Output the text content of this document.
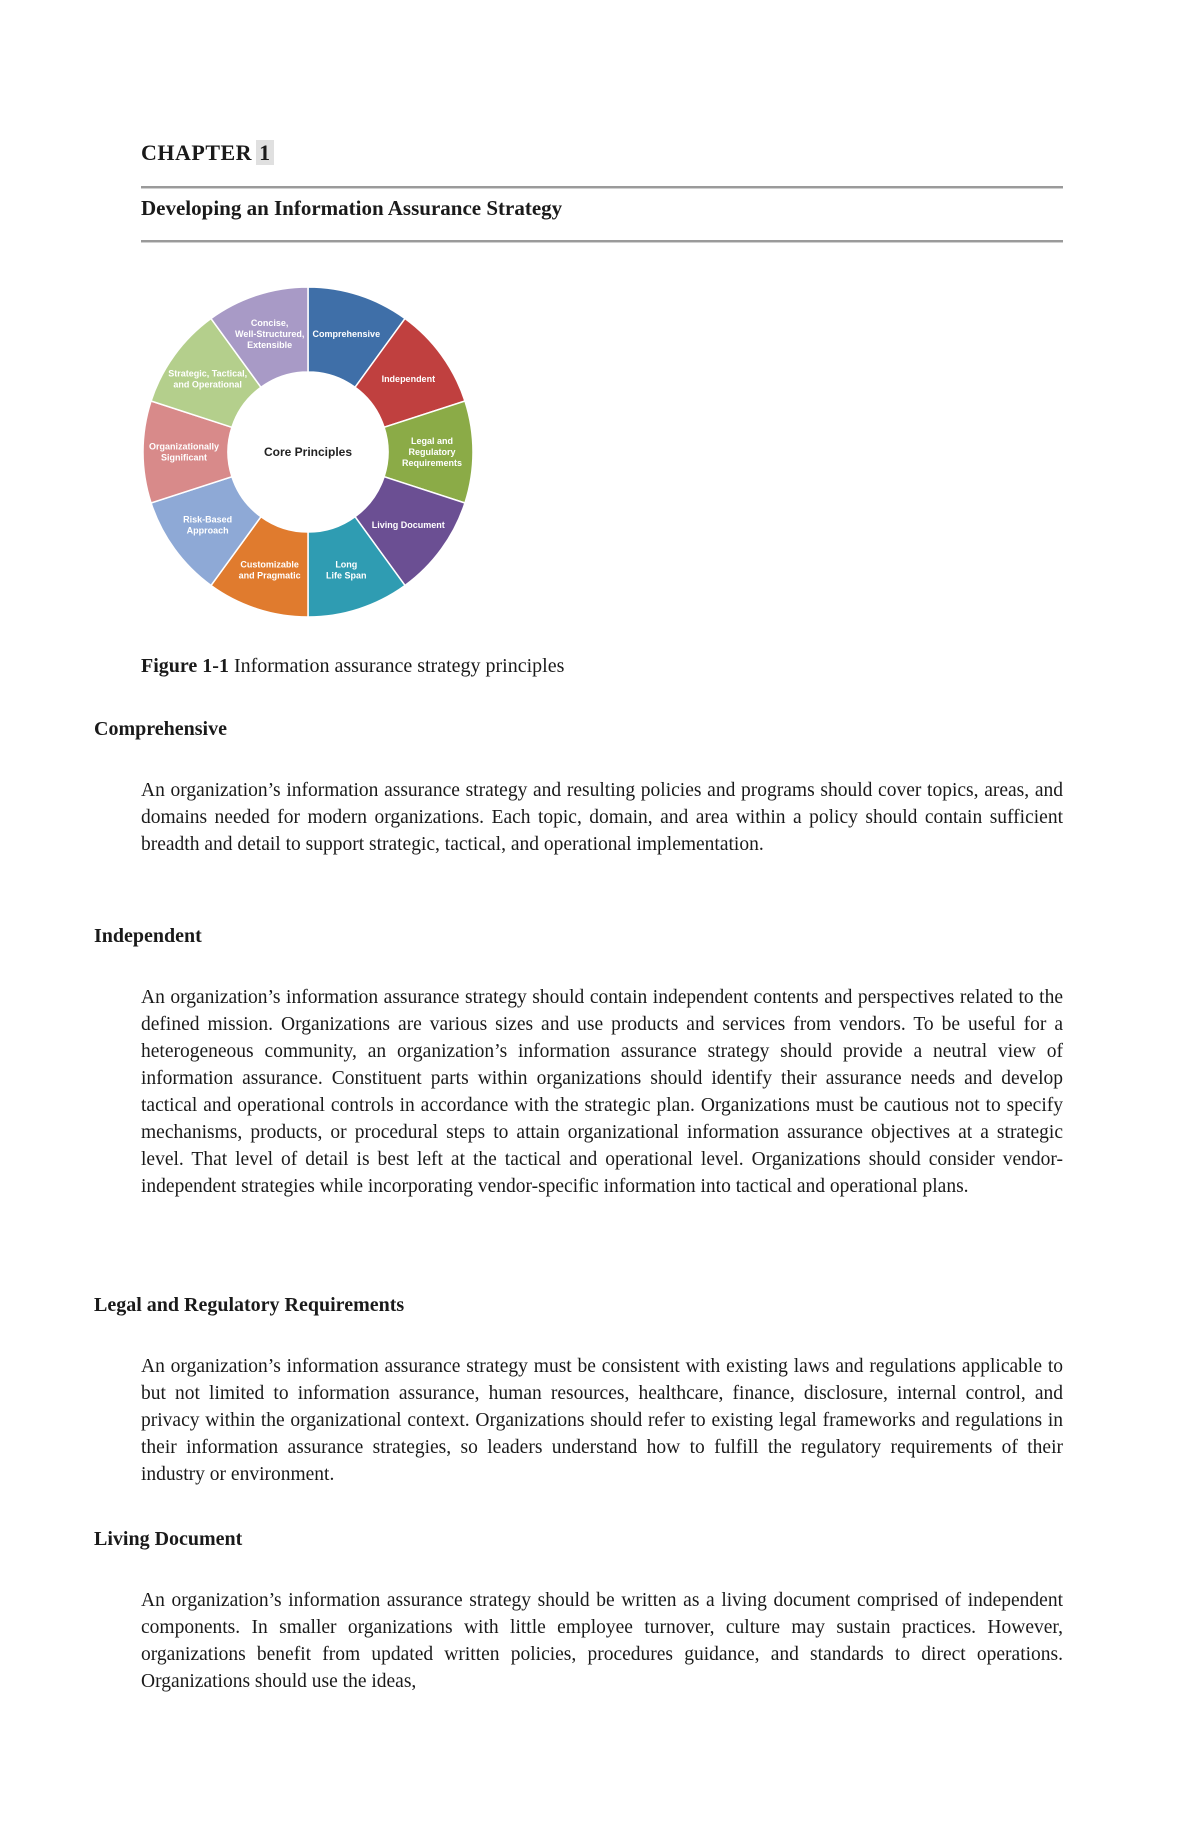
CHAPTER 1
Developing an Information Assurance Strategy
Comprehensive
Independent
Legal and Regulatory Requirements
Living Document
Long Life Span
Customizable and Pragmatic
Risk-Based Approach
Organizationally Significant
Strategic, Tactical, and Operational
Concise, Well-Structured, Extensible
Core Principles
Figure 1-1 Information assurance strategy principles
Comprehensive

An organization’s information assurance strategy and resulting policies and programs should cover topics, areas, and domains needed for modern organizations. Each topic, domain, and area within a policy should contain sufficient breadth and detail to support strategic, tactical, and operational implementation.

Independent

An organization’s information assurance strategy should contain independent contents and perspectives related to the defined mission. Organizations are various sizes and use products and services from vendors. To be useful for a heterogeneous community, an organization’s information assurance strategy should provide a neutral view of information assurance. Constituent parts within organizations should identify their assurance needs and develop tactical and operational controls in accordance with the strategic plan. Organizations must be cautious not to specify mechanisms, products, or procedural steps to attain organizational information assurance objectives at a strategic level. That level of detail is best left at the tactical and operational level. Organizations should consider vendor-independent strategies while incorporating vendor-specific information into tactical and operational plans.

Legal and Regulatory Requirements

An organization’s information assurance strategy must be consistent with existing laws and regulations applicable to but not limited to information assurance, human resources, healthcare, finance, disclosure, internal control, and privacy within the organizational context. Organizations should refer to existing legal frameworks and regulations in their information assurance strategies, so leaders understand how to fulfill the regulatory requirements of their industry or environment.

Living Document

An organization’s information assurance strategy should be written as a living document comprised of independent components. In smaller organizations with little employee turnover, culture may sustain practices. However, organizations benefit from updated written policies, procedures guidance, and standards to direct operations. Organizations should use the ideas,
